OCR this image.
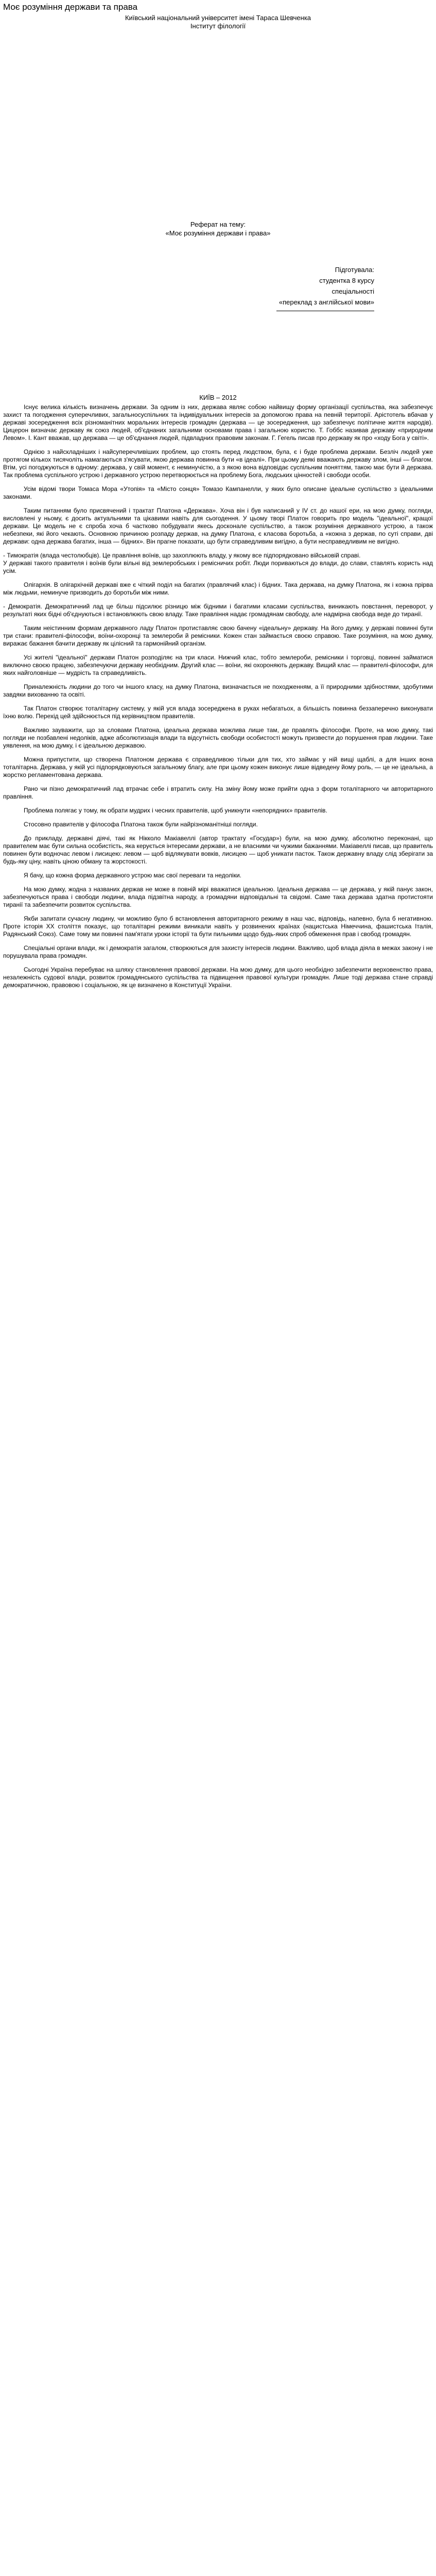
Моє розуміння держави та права
Київський національний університет імені Тараса Шевченка
Інститут філології
Реферат на тему:
«Моє розуміння держави і права»
Підготувала:
студентка 8 курсу
спеціальності
«переклад з англійської мови»
КИЇВ – 2012

Існує велика кількість визначень держави. За одним із них, держава являє собою найвищу форму організації суспільства, яка забезпечує захист та погодження суперечливих, загальносуспільних та індивідуальних інтересів за допомогою права на певній території. Арістотель вбачав у державі зосередження всіх різноманітних моральних інтересів громадян (держава — це зосередження, що забезпечує політичне життя народів). Цицерон визначає державу як союз людей, об'єднаних загальними основами права і загальною користю. Т. Гоббс називав державу «природним Левом». І. Кант вважав, що держава — це об'єднання людей, підвладних правовим законам. Г. Гегель писав про державу як про «ходу Бога у світі».

Однією з найскладніших і найсуперечливіших проблем, що стоять перед людством, була, є і буде проблема держави. Безліч людей уже протягом кількох тисячоліть намагаються з'ясувати, якою держава повинна бути «в ідеалі». При цьому деякі вважають державу злом, інші — благом. Втім, усі погоджуються в одному: держава, у свій момент, є неминучістю, а з якою вона відповідає суспільним поняттям, такою має бути й держава. Так проблема суспільного устрою і державного устрою перетворюється на проблему Бога, людських цінностей і свободи особи.

Усім відомі твори Томаса Мора «Утопія» та «Місто сонця» Томазо Кампанелли, у яких було описане ідеальне суспільство з ідеальними законами.

Таким питанням було присвячений і трактат Платона «Держава». Хоча він і був написаний у IV ст. до нашої ери, на мою думку, погляди, висловлені у ньому, є досить актуальними та цікавими навіть для сьогодення. У цьому творі Платон говорить про модель "ідеальної", кращої держави. Це модель не є спроба хоча б частково побудувати якесь досконале суспільство, а також розуміння державного устрою, а також небезпеки, які його чекають. Основною причиною розпаду держав, на думку Платона, є класова боротьба, а «кожна з держав, по суті справи, дві держави: одна держава багатих, інша — бідних». Він прагне показати, що бути справедливим вигідно, а бути несправедливим не вигідно.

- Тимократія (влада честолюбців). Це правління воїнів, що захоплюють владу, у якому все підпорядковано військовій справі.

У державі такого правителя і воїнів були вільні від землеробських і ремісничих робіт. Люди пориваються до влади, до слави, ставлять користь над усім.

Олігархія. В олігархічній державі вже є чіткий поділ на багатих (правлячий клас) і бідних. Така держава, на думку Платона, як і кожна прірва між людьми, неминуче призводить до боротьби між ними.

- Демократія. Демократичний лад це більш підсилює різницю між бідними і багатими класами суспільства, виникають повстання, переворот, у результаті яких бідні об'єднуються і встановлюють свою владу. Таке правління надає громадянам свободу, але надмірна свобода веде до тиранії.

Таким неістинним формам державного ладу Платон протиставляє свою бачену «ідеальну» державу. На його думку, у державі повинні бути три стани: правителі-філософи, воїни-охоронці та землероби й ремісники. Кожен стан займається своєю справою. Таке розуміння, на мою думку, виражає бажання бачити державу як цілісний та гармонійний організм.

Усі жителі "ідеальної" держави Платон розподіляє на три класи. Нижчий клас, тобто землероби, ремісники і торговці, повинні займатися виключно своєю працею, забезпечуючи державу необхідним. Другий клас — воїни, які охороняють державу. Вищий клас — правителі-філософи, для яких найголовніше — мудрість та справедливість.

Приналежність людини до того чи іншого класу, на думку Платона, визначається не походженням, а її природними здібностями, здобутими завдяки вихованню та освіті.

Так Платон створює тоталітарну систему, у якій уся влада зосереджена в руках небагатьох, а більшість повинна беззаперечно виконувати їхню волю. Перехід цей здійснюється під керівництвом правителів.

Важливо зауважити, що за словами Платона, ідеальна держава можлива лише там, де правлять філософи. Проте, на мою думку, такі погляди не позбавлені недоліків, адже абсолютизація влади та відсутність свободи особистості можуть призвести до порушення прав людини. Таке уявлення, на мою думку, і є ідеальною державою.

Можна припустити, що створена Платоном держава є справедливою тільки для тих, хто займає у ній вищі щаблі, а для інших вона тоталітарна. Держава, у якій усі підпорядковуються загальному благу, але при цьому кожен виконує лише відведену йому роль, — це не ідеальна, а жорстко регламентована держава.

Рано чи пізно демократичний лад втрачає себе і втратить силу. На зміну йому може прийти одна з форм тоталітарного чи авторитарного правління.

Проблема полягає у тому, як обрати мудрих і чесних правителів, щоб уникнути «непорядних» правителів.

Стосовно правителів у філософа Платона також були найрізноманітніші погляди.

До прикладу, державні діячі, такі як Нікколо Макіавеллі (автор трактату «Государ») були, на мою думку, абсолютно переконані, що правителем має бути сильна особистість, яка керується інтересами держави, а не власними чи чужими бажаннями. Макіавеллі писав, що правитель повинен бути водночас левом і лисицею: левом — щоб відлякувати вовків, лисицею — щоб уникати пасток. Також державну владу слід зберігати за будь-яку ціну, навіть ціною обману та жорстокості.

Я бачу, що кожна форма державного устрою має свої переваги та недоліки.

На мою думку, жодна з названих держав не може в повній мірі вважатися ідеальною. Ідеальна держава — це держава, у якій панує закон, забезпечуються права і свободи людини, влада підзвітна народу, а громадяни відповідальні та свідомі. Саме така держава здатна протистояти тиранії та забезпечити розвиток суспільства.

Якби запитати сучасну людину, чи можливо було б встановлення авторитарного режиму в наш час, відповідь, напевно, була б негативною. Проте історія XX століття показує, що тоталітарні режими виникали навіть у розвинених країнах (нацистська Німеччина, фашистська Італія, Радянський Союз). Саме тому ми повинні пам'ятати уроки історії та бути пильними щодо будь-яких спроб обмеження прав і свобод громадян.

Спеціальні органи влади, як і демократія загалом, створюються для захисту інтересів людини. Важливо, щоб влада діяла в межах закону і не порушувала права громадян.

Сьогодні Україна перебуває на шляху становлення правової держави. На мою думку, для цього необхідно забезпечити верховенство права, незалежність судової влади, розвиток громадянського суспільства та підвищення правової культури громадян. Лише тоді держава стане справді демократичною, правовою і соціальною, як це визначено в Конституції України.
